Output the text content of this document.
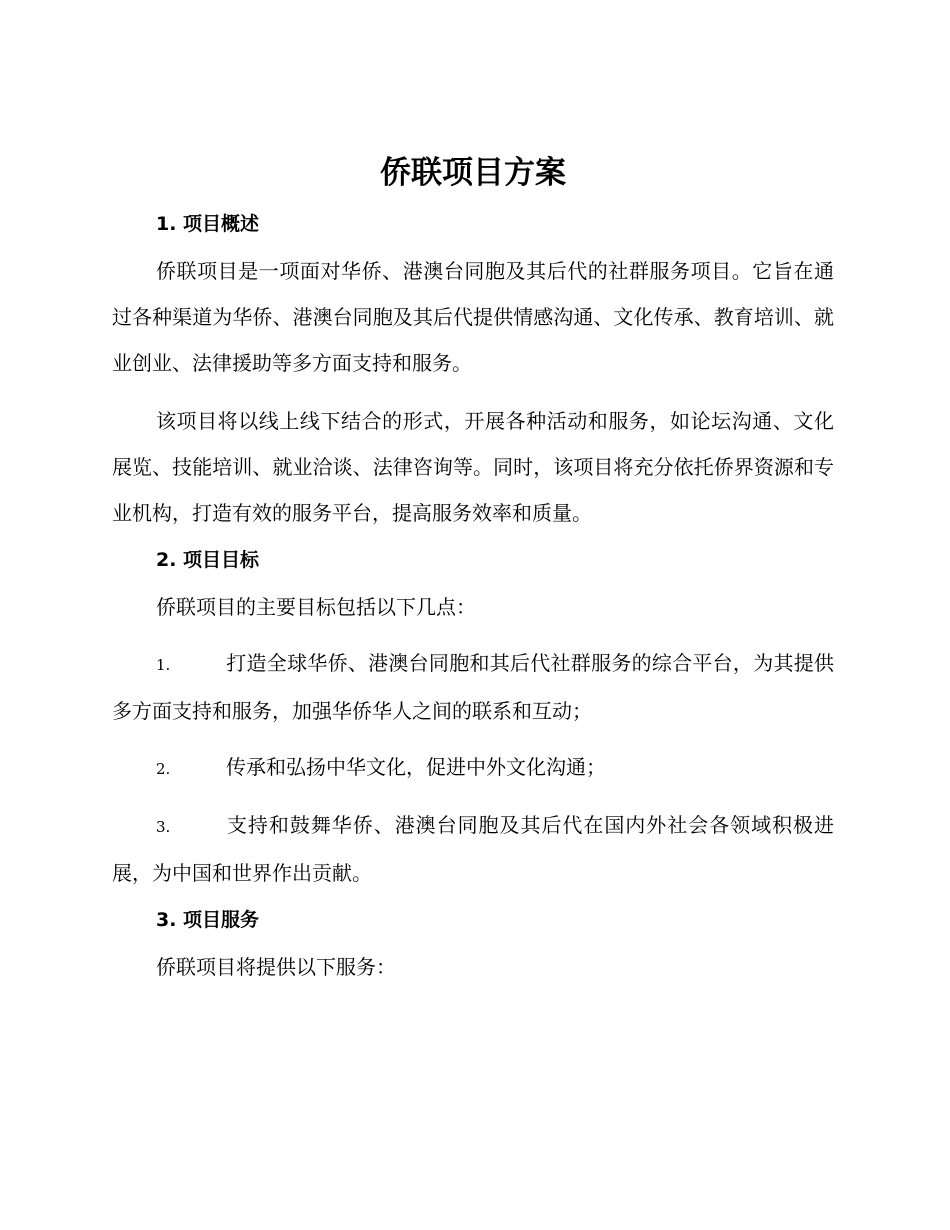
侨联项目方案
1. 项目概述

侨联项目是一项面对华侨、港澳台同胞及其后代的社群服务项目。它旨在通过各种渠道为华侨、港澳台同胞及其后代提供情感沟通、文化传承、教育培训、就业创业、法律援助等多方面支持和服务。

该项目将以线上线下结合的形式，开展各种活动和服务，如论坛沟通、文化展览、技能培训、就业洽谈、法律咨询等。同时，该项目将充分依托侨界资源和专业机构，打造有效的服务平台，提高服务效率和质量。

2. 项目目标

侨联项目的主要目标包括以下几点：

1.	打造全球华侨、港澳台同胞和其后代社群服务的综合平台，为其提供多方面支持和服务，加强华侨华人之间的联系和互动；

2.	传承和弘扬中华文化，促进中外文化沟通；

3.	支持和鼓舞华侨、港澳台同胞及其后代在国内外社会各领域积极进展，为中国和世界作出贡献。

3. 项目服务

侨联项目将提供以下服务：
